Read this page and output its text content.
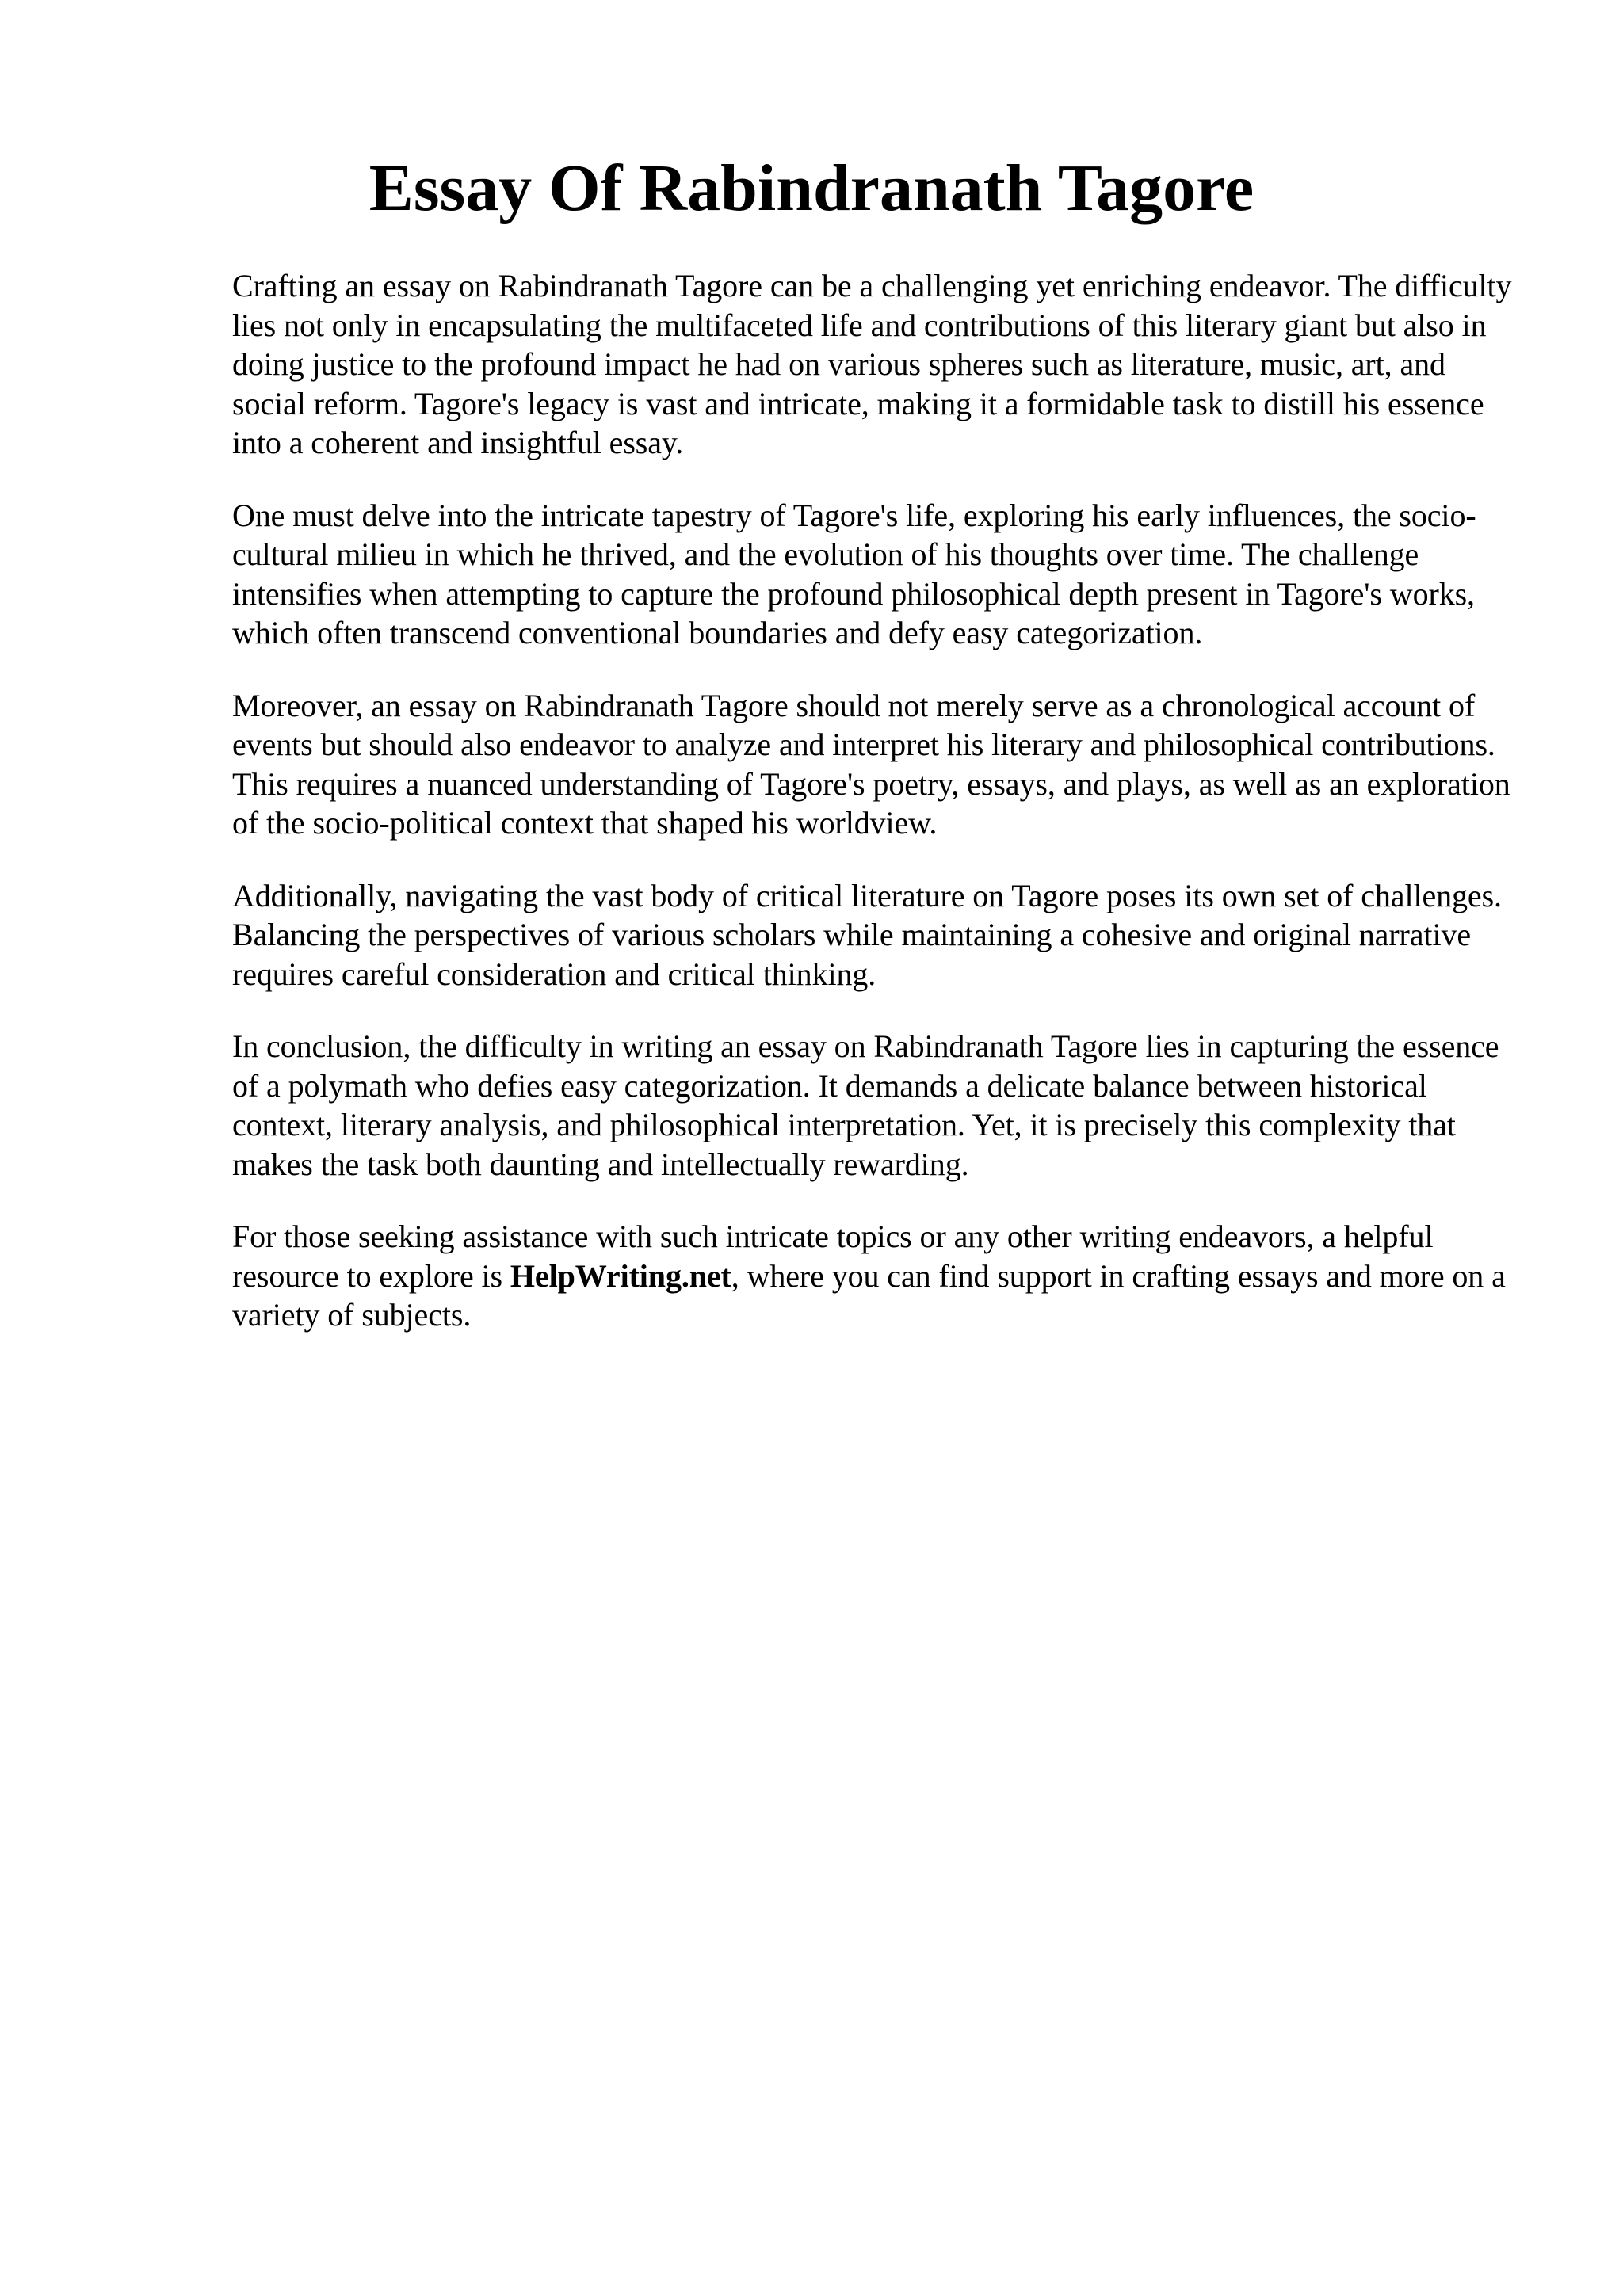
Essay Of Rabindranath Tagore

Crafting an essay on Rabindranath Tagore can be a challenging yet enriching endeavor. The difficulty lies not only in encapsulating the multifaceted life and contributions of this literary giant but also in doing justice to the profound impact he had on various spheres such as literature, music, art, and social reform. Tagore's legacy is vast and intricate, making it a formidable task to distill his essence into a coherent and insightful essay.

One must delve into the intricate tapestry of Tagore's life, exploring his early influences, the socio-cultural milieu in which he thrived, and the evolution of his thoughts over time. The challenge intensifies when attempting to capture the profound philosophical depth present in Tagore's works, which often transcend conventional boundaries and defy easy categorization.

Moreover, an essay on Rabindranath Tagore should not merely serve as a chronological account of events but should also endeavor to analyze and interpret his literary and philosophical contributions. This requires a nuanced understanding of Tagore's poetry, essays, and plays, as well as an exploration of the socio-political context that shaped his worldview.

Additionally, navigating the vast body of critical literature on Tagore poses its own set of challenges. Balancing the perspectives of various scholars while maintaining a cohesive and original narrative requires careful consideration and critical thinking.

In conclusion, the difficulty in writing an essay on Rabindranath Tagore lies in capturing the essence of a polymath who defies easy categorization. It demands a delicate balance between historical context, literary analysis, and philosophical interpretation. Yet, it is precisely this complexity that makes the task both daunting and intellectually rewarding.

For those seeking assistance with such intricate topics or any other writing endeavors, a helpful resource to explore is HelpWriting.net, where you can find support in crafting essays and more on a variety of subjects.
